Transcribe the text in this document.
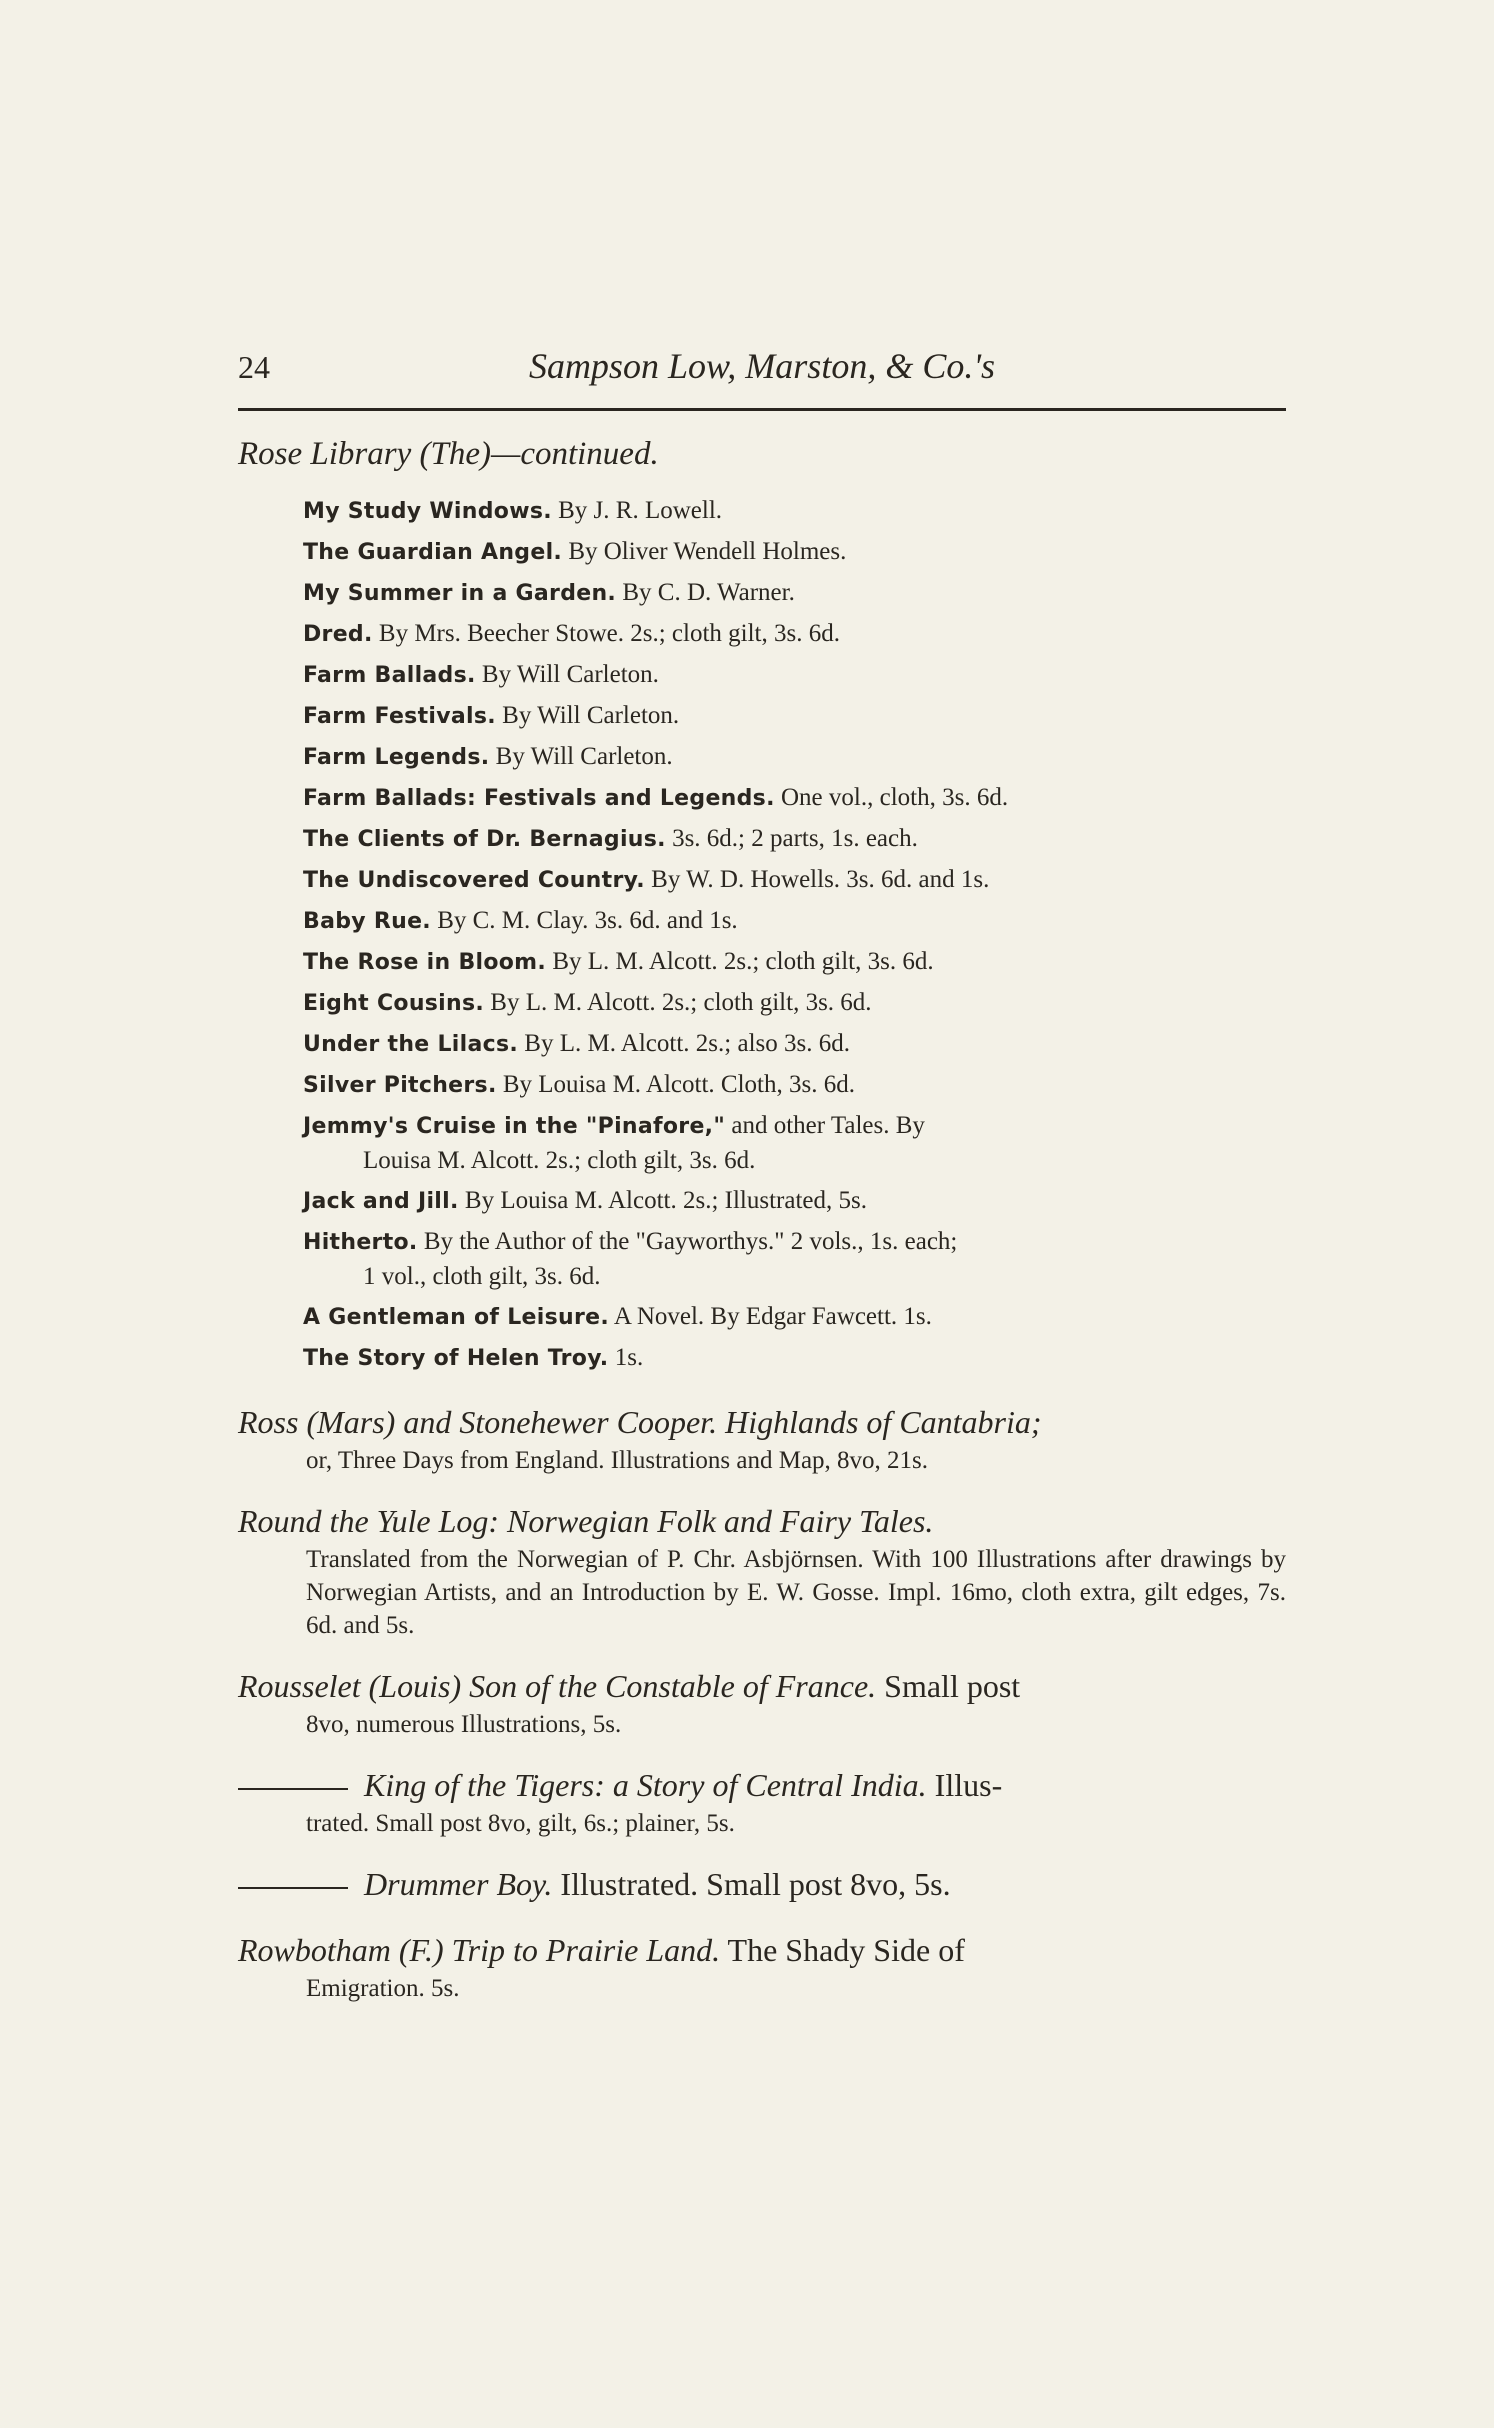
24	Sampson Low, Marston, & Co.'s
Rose Library (The)—continued.
My Study Windows. By J. R. Lowell.
The Guardian Angel. By Oliver Wendell Holmes.
My Summer in a Garden. By C. D. Warner.
Dred. By Mrs. Beecher Stowe. 2s.; cloth gilt, 3s. 6d.
Farm Ballads. By Will Carleton.
Farm Festivals. By Will Carleton.
Farm Legends. By Will Carleton.
Farm Ballads: Festivals and Legends. One vol., cloth, 3s. 6d.
The Clients of Dr. Bernagius. 3s. 6d.; 2 parts, 1s. each.
The Undiscovered Country. By W. D. Howells. 3s. 6d. and 1s.
Baby Rue. By C. M. Clay. 3s. 6d. and 1s.
The Rose in Bloom. By L. M. Alcott. 2s.; cloth gilt, 3s. 6d.
Eight Cousins. By L. M. Alcott. 2s.; cloth gilt, 3s. 6d.
Under the Lilacs. By L. M. Alcott. 2s.; also 3s. 6d.
Silver Pitchers. By Louisa M. Alcott. Cloth, 3s. 6d.
Jemmy's Cruise in the "Pinafore," and other Tales. By
Louisa M. Alcott. 2s.; cloth gilt, 3s. 6d.
Jack and Jill. By Louisa M. Alcott. 2s.; Illustrated, 5s.
Hitherto. By the Author of the "Gayworthys." 2 vols., 1s. each;
1 vol., cloth gilt, 3s. 6d.
A Gentleman of Leisure. A Novel. By Edgar Fawcett. 1s.
The Story of Helen Troy. 1s.
Ross (Mars) and Stonehewer Cooper. Highlands of Cantabria;
or, Three Days from England. Illustrations and Map, 8vo, 21s.
Round the Yule Log: Norwegian Folk and Fairy Tales.
Translated from the Norwegian of P. Chr. Asbjörnsen. With 100 Illustrations after drawings by Norwegian Artists, and an Introduction by E. W. Gosse. Impl. 16mo, cloth extra, gilt edges, 7s. 6d. and 5s.
Rousselet (Louis) Son of the Constable of France. Small post
8vo, numerous Illustrations, 5s.
King of the Tigers: a Story of Central India. Illus-
trated. Small post 8vo, gilt, 6s.; plainer, 5s.
Drummer Boy. Illustrated. Small post 8vo, 5s.
Rowbotham (F.) Trip to Prairie Land. The Shady Side of
Emigration. 5s.
